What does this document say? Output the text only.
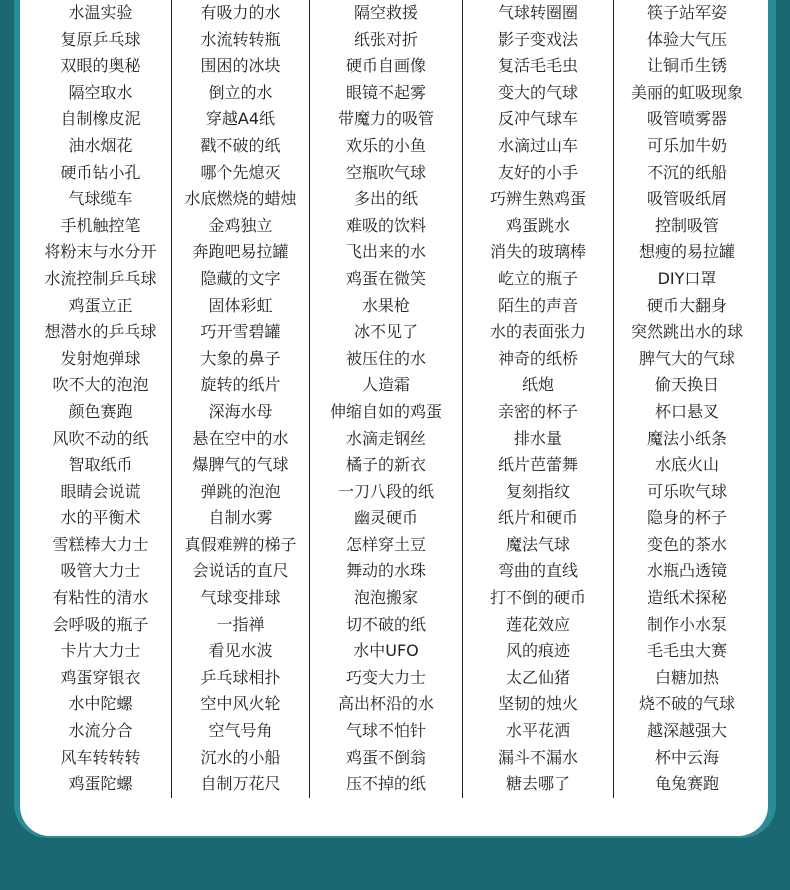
水温实验
复原乒乓球
双眼的奥秘
隔空取水
自制橡皮泥
油水烟花
硬币钻小孔
气球缆车
手机触控笔
将粉末与水分开
水流控制乒乓球
鸡蛋立正
想潜水的乒乓球
发射炮弹球
吹不大的泡泡
颜色赛跑
风吹不动的纸
智取纸币
眼睛会说谎
水的平衡术
雪糕棒大力士
吸管大力士
有粘性的清水
会呼吸的瓶子
卡片大力士
鸡蛋穿银衣
水中陀螺
水流分合
风车转转转
鸡蛋陀螺
有吸力的水
水流转转瓶
围困的冰块
倒立的水
穿越A4纸
戳不破的纸
哪个先熄灭
水底燃烧的蜡烛
金鸡独立
奔跑吧易拉罐
隐藏的文字
固体彩虹
巧开雪碧罐
大象的鼻子
旋转的纸片
深海水母
悬在空中的水
爆脾气的气球
弹跳的泡泡
自制水雾
真假难辨的梯子
会说话的直尺
气球变排球
一指禅
看见水波
乒乓球相扑
空中风火轮
空气号角
沉水的小船
自制万花尺
隔空救援
纸张对折
硬币自画像
眼镜不起雾
带魔力的吸管
欢乐的小鱼
空瓶吹气球
多出的纸
难吸的饮料
飞出来的水
鸡蛋在微笑
水果枪
冰不见了
被压住的水
人造霜
伸缩自如的鸡蛋
水滴走钢丝
橘子的新衣
一刀八段的纸
幽灵硬币
怎样穿土豆
舞动的水珠
泡泡搬家
切不破的纸
水中UFO
巧变大力士
高出杯沿的水
气球不怕针
鸡蛋不倒翁
压不掉的纸
气球转圈圈
影子变戏法
复活毛毛虫
变大的气球
反冲气球车
水滴过山车
友好的小手
巧辨生熟鸡蛋
鸡蛋跳水
消失的玻璃棒
屹立的瓶子
陌生的声音
水的表面张力
神奇的纸桥
纸炮
亲密的杯子
排水量
纸片芭蕾舞
复刻指纹
纸片和硬币
魔法气球
弯曲的直线
打不倒的硬币
莲花效应
风的痕迹
太乙仙猪
坚韧的烛火
水平花洒
漏斗不漏水
糖去哪了
筷子站军姿
体验大气压
让铜币生锈
美丽的虹吸现象
吸管喷雾器
可乐加牛奶
不沉的纸船
吸管吸纸屑
控制吸管
想瘦的易拉罐
DIY口罩
硬币大翻身
突然跳出水的球
脾气大的气球
偷天换日
杯口悬叉
魔法小纸条
水底火山
可乐吹气球
隐身的杯子
变色的茶水
水瓶凸透镜
造纸术探秘
制作小水泵
毛毛虫大赛
白糖加热
烧不破的气球
越深越强大
杯中云海
龟兔赛跑
